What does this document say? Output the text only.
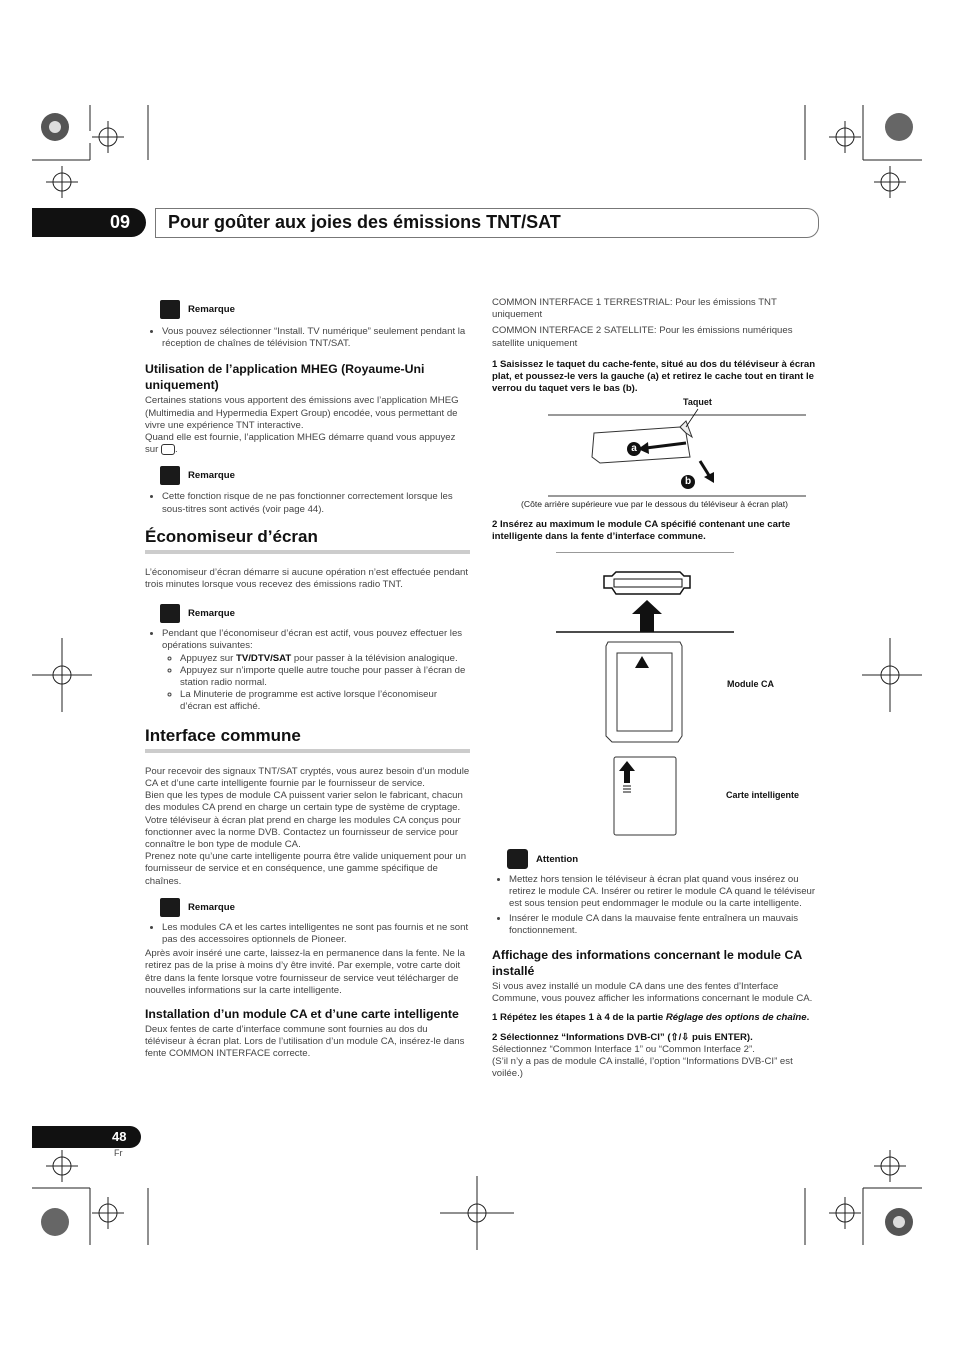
09 Pour goûter aux joies des émissions TNT/SAT
Remarque
• Vous pouvez sélectionner “Install. TV numérique” seulement pendant la réception de chaînes de télévision TNT/SAT.
Utilisation de l’application MHEG (Royaume-Uni uniquement)

Certaines stations vous apportent des émissions avec l’application MHEG (Multimedia and Hypermedia Expert Group) encodée, vous permettant de vivre une expérience TNT interactive.

Quand elle est fournie, l’application MHEG démarre quand vous appuyez sur .

Remarque
• Cette fonction risque de ne pas fonctionner correctement lorsque les sous-titres sont activés (voir page 44).
Économiseur d’écran

L’économiseur d’écran démarre si aucune opération n’est effectuée pendant trois minutes lorsque vous recevez des émissions radio TNT.

Remarque
• Pendant que l’économiseur d’écran est actif, vous pouvez effectuer les opérations suivantes:
◦ Appuyez sur TV/DTV/SAT pour passer à la télévision analogique.
◦ Appuyez sur n’importe quelle autre touche pour passer à l’écran de station radio normal.
◦ La Minuterie de programme est active lorsque l’économiseur d’écran est affiché.
Interface commune

Pour recevoir des signaux TNT/SAT cryptés, vous aurez besoin d’un module CA et d’une carte intelligente fournie par le fournisseur de service.

Bien que les types de module CA puissent varier selon le fabricant, chacun des modules CA prend en charge un certain type de système de cryptage. Votre téléviseur à écran plat prend en charge les modules CA conçus pour fonctionner avec la norme DVB. Contactez un fournisseur de service pour connaître le bon type de module CA.

Prenez note qu’une carte intelligente pourra être valide uniquement pour un fournisseur de service et en conséquence, une gamme spécifique de chaînes.

Remarque
• Les modules CA et les cartes intelligentes ne sont pas fournis et ne sont pas des accessoires optionnels de Pioneer.

Après avoir inséré une carte, laissez-la en permanence dans la fente. Ne la retirez pas de la prise à moins d’y être invité. Par exemple, votre carte doit être dans la fente lorsque votre fournisseur de service veut télécharger de nouvelles informations sur la carte intelligente.

Installation d’un module CA et d’une carte intelligente

Deux fentes de carte d’interface commune sont fournies au dos du téléviseur à écran plat. Lors de l’utilisation d’un module CA, insérez-le dans fente COMMON INTERFACE correcte.

COMMON INTERFACE 1 TERRESTRIAL: Pour les émissions TNT uniquement

COMMON INTERFACE 2 SATELLITE: Pour les émissions numériques satellite uniquement

1 Saisissez le taquet du cache-fente, situé au dos du téléviseur à écran plat, et poussez-le vers la gauche (a) et retirez le cache tout en tirant le verrou du taquet vers le bas (b).

Taquet
a
b
(Côte arrière supérieure vue par le dessous du téléviseur à écran plat)

2 Insérez au maximum le module CA spécifié contenant une carte intelligente dans la fente d’interface commune.

Module CA
Carte intelligente
Attention
• Mettez hors tension le téléviseur à écran plat quand vous insérez ou retirez le module CA. Insérer ou retirer le module CA quand le téléviseur est sous tension peut endommager le module ou la carte intelligente.
• Insérer le module CA dans la mauvaise fente entraînera un mauvais fonctionnement.
Affichage des informations concernant le module CA installé

Si vous avez installé un module CA dans une des fentes d’Interface Commune, vous pouvez afficher les informations concernant le module CA.

1 Répétez les étapes 1 à 4 de la partie Réglage des options de chaîne.

2 Sélectionnez “Informations DVB-CI” (⇧/⇩ puis ENTER).

Sélectionnez “Common Interface 1” ou “Common Interface 2”.

(S’il n’y a pas de module CA installé, l’option “Informations DVB-CI” est voilée.)

48
Fr
